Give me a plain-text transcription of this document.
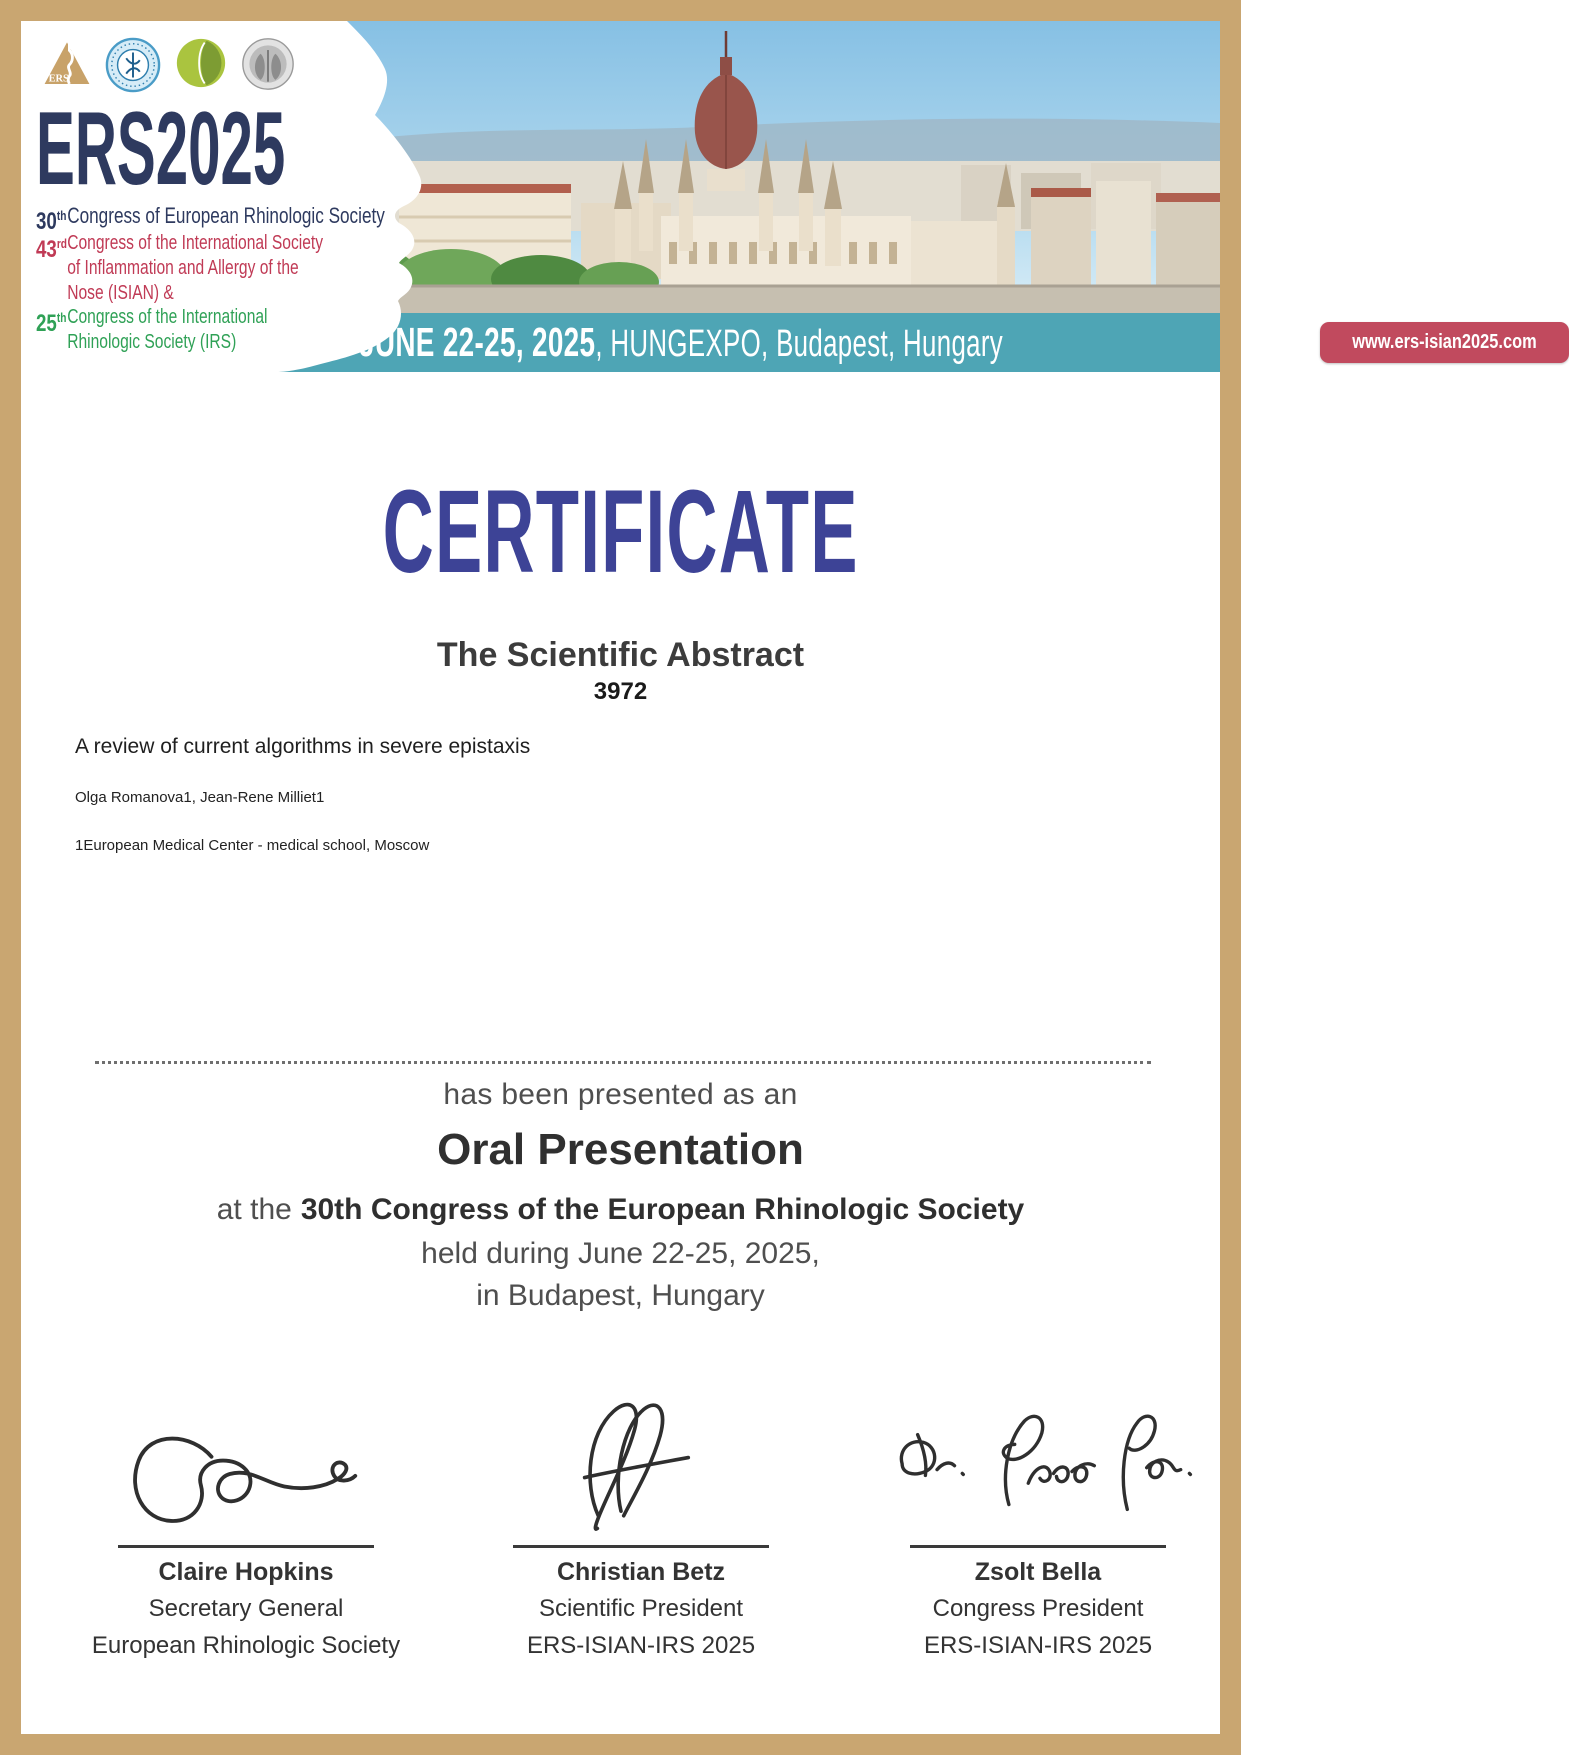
JUNE 22-25, 2025, HUNGEXPO, Budapest, Hungary	www.ers-isian2025.com
ERS
ERS2025
30th Congress of European Rhinologic Society
43rd Congress of the International Society of Inflammation and Allergy of the Nose (ISIAN) &
25th Congress of the International Rhinologic Society (IRS)
CERTIFICATE
The Scientific Abstract
3972
A review of current algorithms in severe epistaxis
Olga Romanova1, Jean-Rene Milliet1
1European Medical Center - medical school, Moscow
has been presented as an
Oral Presentation
at the 30th Congress of the European Rhinologic Society
held during June 22-25, 2025,
in Budapest, Hungary
Claire Hopkins
Secretary General
European Rhinologic Society
Christian Betz
Scientific President
ERS-ISIAN-IRS 2025
Zsolt Bella
Congress President
ERS-ISIAN-IRS 2025
